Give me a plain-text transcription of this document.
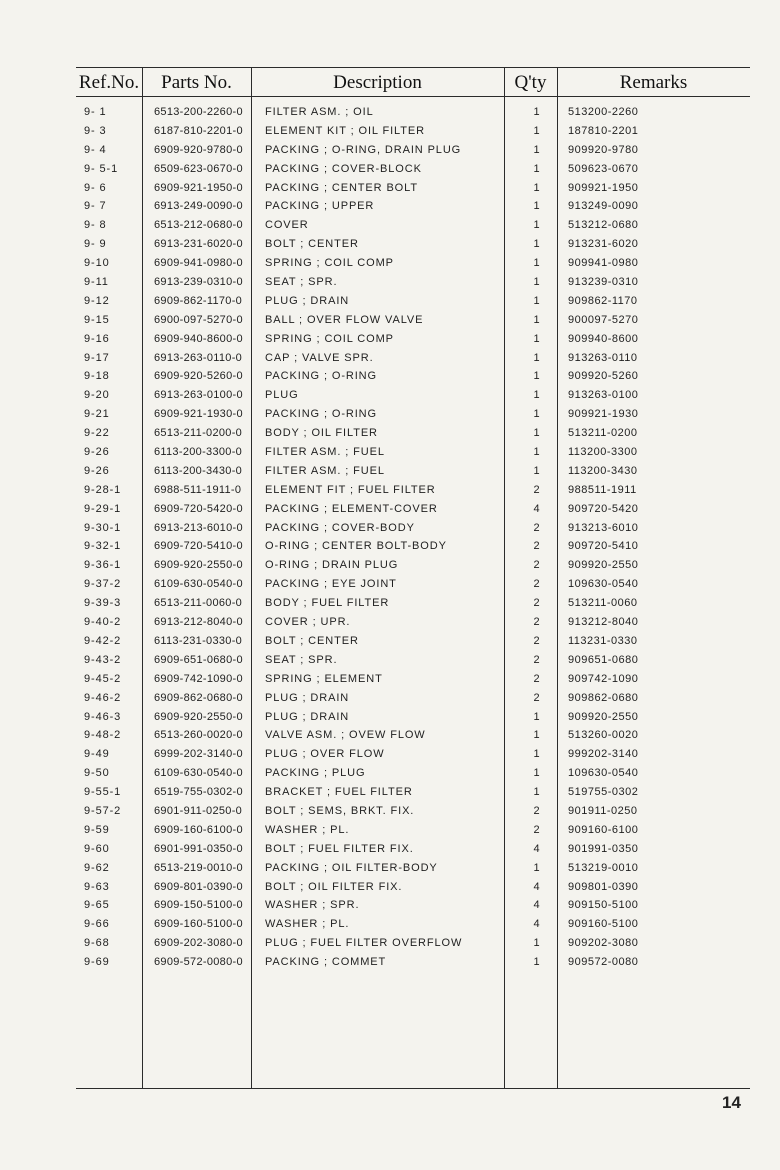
Ref.No.	Parts No.	Description	Q'ty	Remarks
9- 1	6513-200-2260-0 FILTER ASM. ; OIL	1 513200-2260
9- 3	6187-810-2201-0 ELEMENT KIT ; OIL FILTER	1 187810-2201
9- 4	6909-920-9780-0 PACKING ; O-RING, DRAIN PLUG	1 909920-9780
9- 5-1	6509-623-0670-0 PACKING ; COVER-BLOCK	1 509623-0670
9- 6	6909-921-1950-0 PACKING ; CENTER BOLT	1 909921-1950
9- 7	6913-249-0090-0 PACKING ; UPPER	1 913249-0090
9- 8	6513-212-0680-0 COVER	1 513212-0680
9- 9	6913-231-6020-0 BOLT ; CENTER	1 913231-6020
9-10	6909-941-0980-0 SPRING ; COIL COMP	1 909941-0980
9-11	6913-239-0310-0 SEAT ; SPR.	1 913239-0310
9-12	6909-862-1170-0 PLUG ; DRAIN	1 909862-1170
9-15	6900-097-5270-0 BALL ; OVER FLOW VALVE	1 900097-5270
9-16	6909-940-8600-0 SPRING ; COIL COMP	1 909940-8600
9-17	6913-263-0110-0 CAP ; VALVE SPR.	1 913263-0110
9-18	6909-920-5260-0 PACKING ; O-RING	1 909920-5260
9-20	6913-263-0100-0 PLUG	1 913263-0100
9-21	6909-921-1930-0 PACKING ; O-RING	1 909921-1930
9-22	6513-211-0200-0 BODY ; OIL FILTER	1 513211-0200
9-26	6113-200-3300-0 FILTER ASM. ; FUEL	1 113200-3300
9-26	6113-200-3430-0 FILTER ASM. ; FUEL	1 113200-3430
9-28-1	6988-511-1911-0 ELEMENT FIT ; FUEL FILTER	2 988511-1911
9-29-1	6909-720-5420-0 PACKING ; ELEMENT-COVER	4 909720-5420
9-30-1	6913-213-6010-0 PACKING ; COVER-BODY	2 913213-6010
9-32-1	6909-720-5410-0 O-RING ; CENTER BOLT-BODY	2 909720-5410
9-36-1	6909-920-2550-0 O-RING ; DRAIN PLUG	2 909920-2550
9-37-2	6109-630-0540-0 PACKING ; EYE JOINT	2 109630-0540
9-39-3	6513-211-0060-0 BODY ; FUEL FILTER	2 513211-0060
9-40-2	6913-212-8040-0 COVER ; UPR.	2 913212-8040
9-42-2	6113-231-0330-0 BOLT ; CENTER	2 113231-0330
9-43-2	6909-651-0680-0 SEAT ; SPR.	2 909651-0680
9-45-2	6909-742-1090-0 SPRING ; ELEMENT	2 909742-1090
9-46-2	6909-862-0680-0 PLUG ; DRAIN	2 909862-0680
9-46-3	6909-920-2550-0 PLUG ; DRAIN	1 909920-2550
9-48-2	6513-260-0020-0 VALVE ASM. ; OVEW FLOW	1 513260-0020
9-49	6999-202-3140-0 PLUG ; OVER FLOW	1 999202-3140
9-50	6109-630-0540-0 PACKING ; PLUG	1 109630-0540
9-55-1	6519-755-0302-0 BRACKET ; FUEL FILTER	1 519755-0302
9-57-2	6901-911-0250-0 BOLT ; SEMS, BRKT. FIX.	2 901911-0250
9-59	6909-160-6100-0 WASHER ; PL.	2 909160-6100
9-60	6901-991-0350-0 BOLT ; FUEL FILTER FIX.	4 901991-0350
9-62	6513-219-0010-0 PACKING ; OIL FILTER-BODY	1 513219-0010
9-63	6909-801-0390-0 BOLT ; OIL FILTER FIX.	4 909801-0390
9-65	6909-150-5100-0 WASHER ; SPR.	4 909150-5100
9-66	6909-160-5100-0 WASHER ; PL.	4 909160-5100
9-68	6909-202-3080-0 PLUG ; FUEL FILTER OVERFLOW	1 909202-3080
9-69	6909-572-0080-0 PACKING ; COMMET	1 909572-0080
14
